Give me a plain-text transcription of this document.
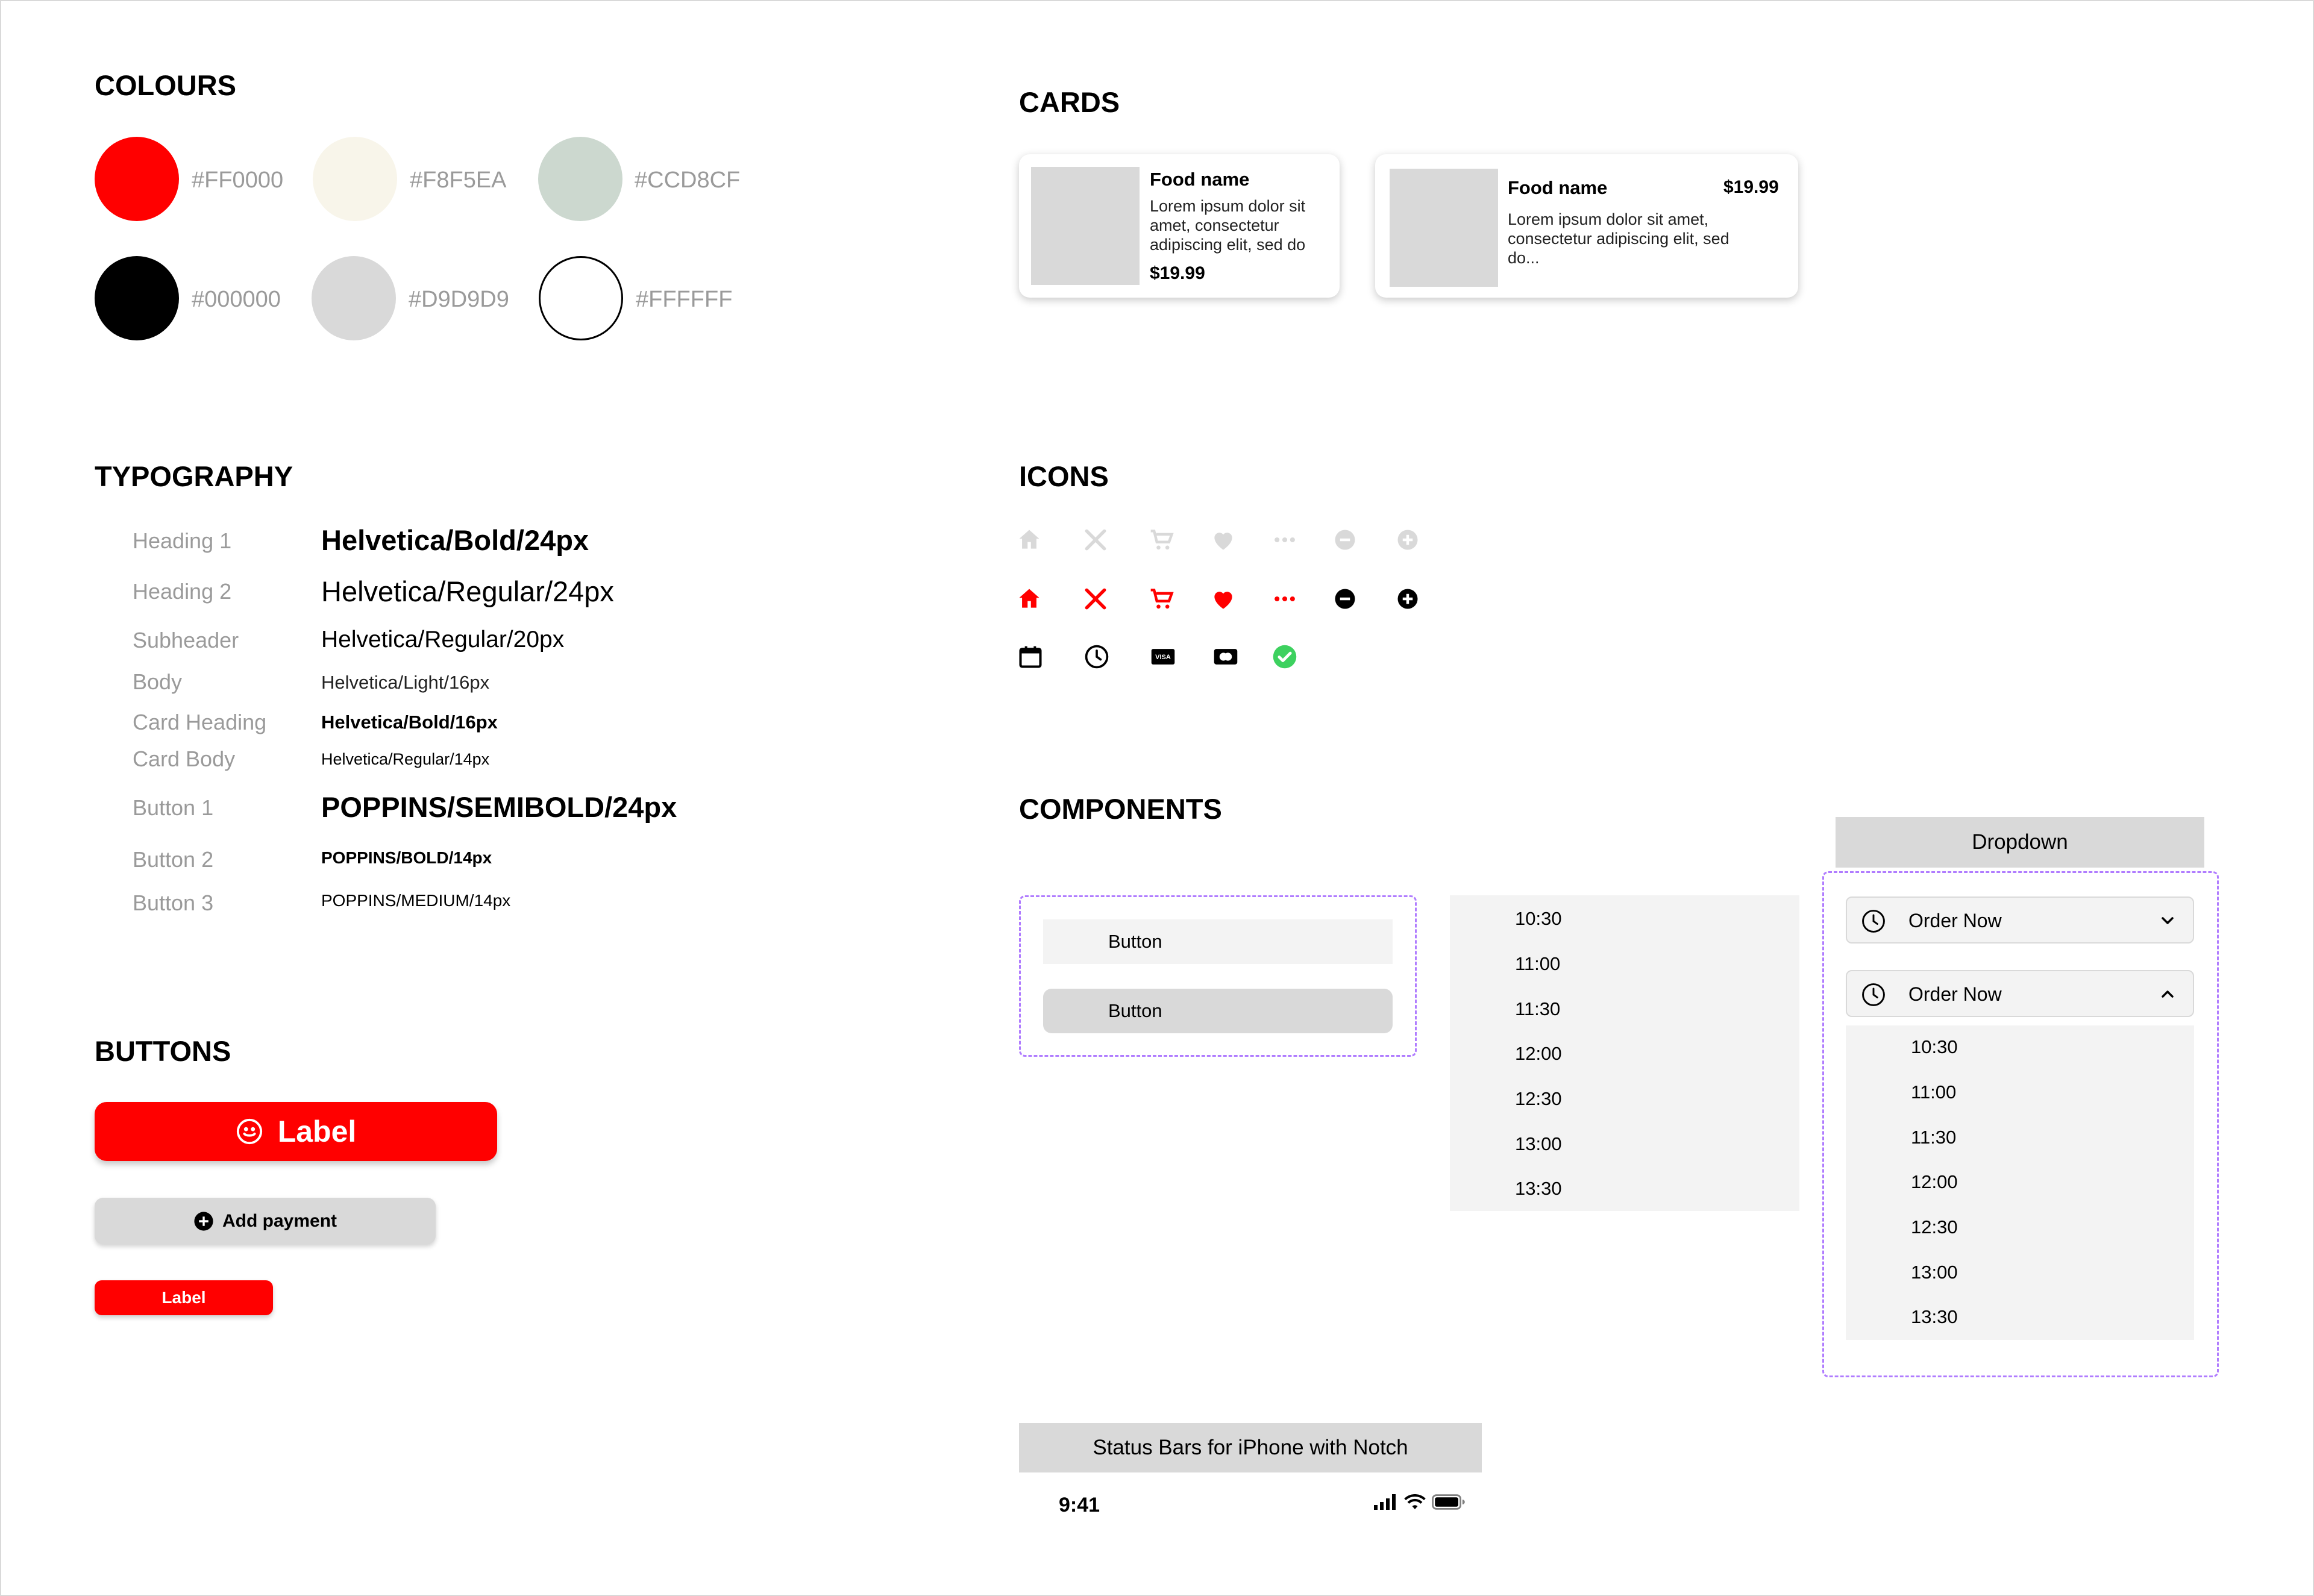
COLOURS
#FF0000	#F8F5EA	#CCD8CF
#000000	#D9D9D9	#FFFFFF
TYPOGRAPHY
Heading 1	Helvetica/Bold/24px
Heading 2	Helvetica/Regular/24px
Subheader	Helvetica/Regular/20px
Body	Helvetica/Light/16px
Card Heading	Helvetica/Bold/16px
Card Body	Helvetica/Regular/14px
Button 1	POPPINS/SEMIBOLD/24px
Button 2	POPPINS/BOLD/14px
Button 3	POPPINS/MEDIUM/14px
BUTTONS
Label
Add payment
Label
CARDS
Food name
Lorem ipsum dolor sit amet, consectetur adipiscing elit, sed do
$19.99
Food name	$19.99
Lorem ipsum dolor sit amet, consectetur adipiscing elit, sed do...
ICONS
VISA
COMPONENTS
Button
Button
10:30
11:00
11:30
12:00
12:30
13:00
13:30
Dropdown
Order Now
Order Now
10:30
11:00
11:30
12:00
12:30
13:00
13:30
Status Bars for iPhone with Notch
9:41
